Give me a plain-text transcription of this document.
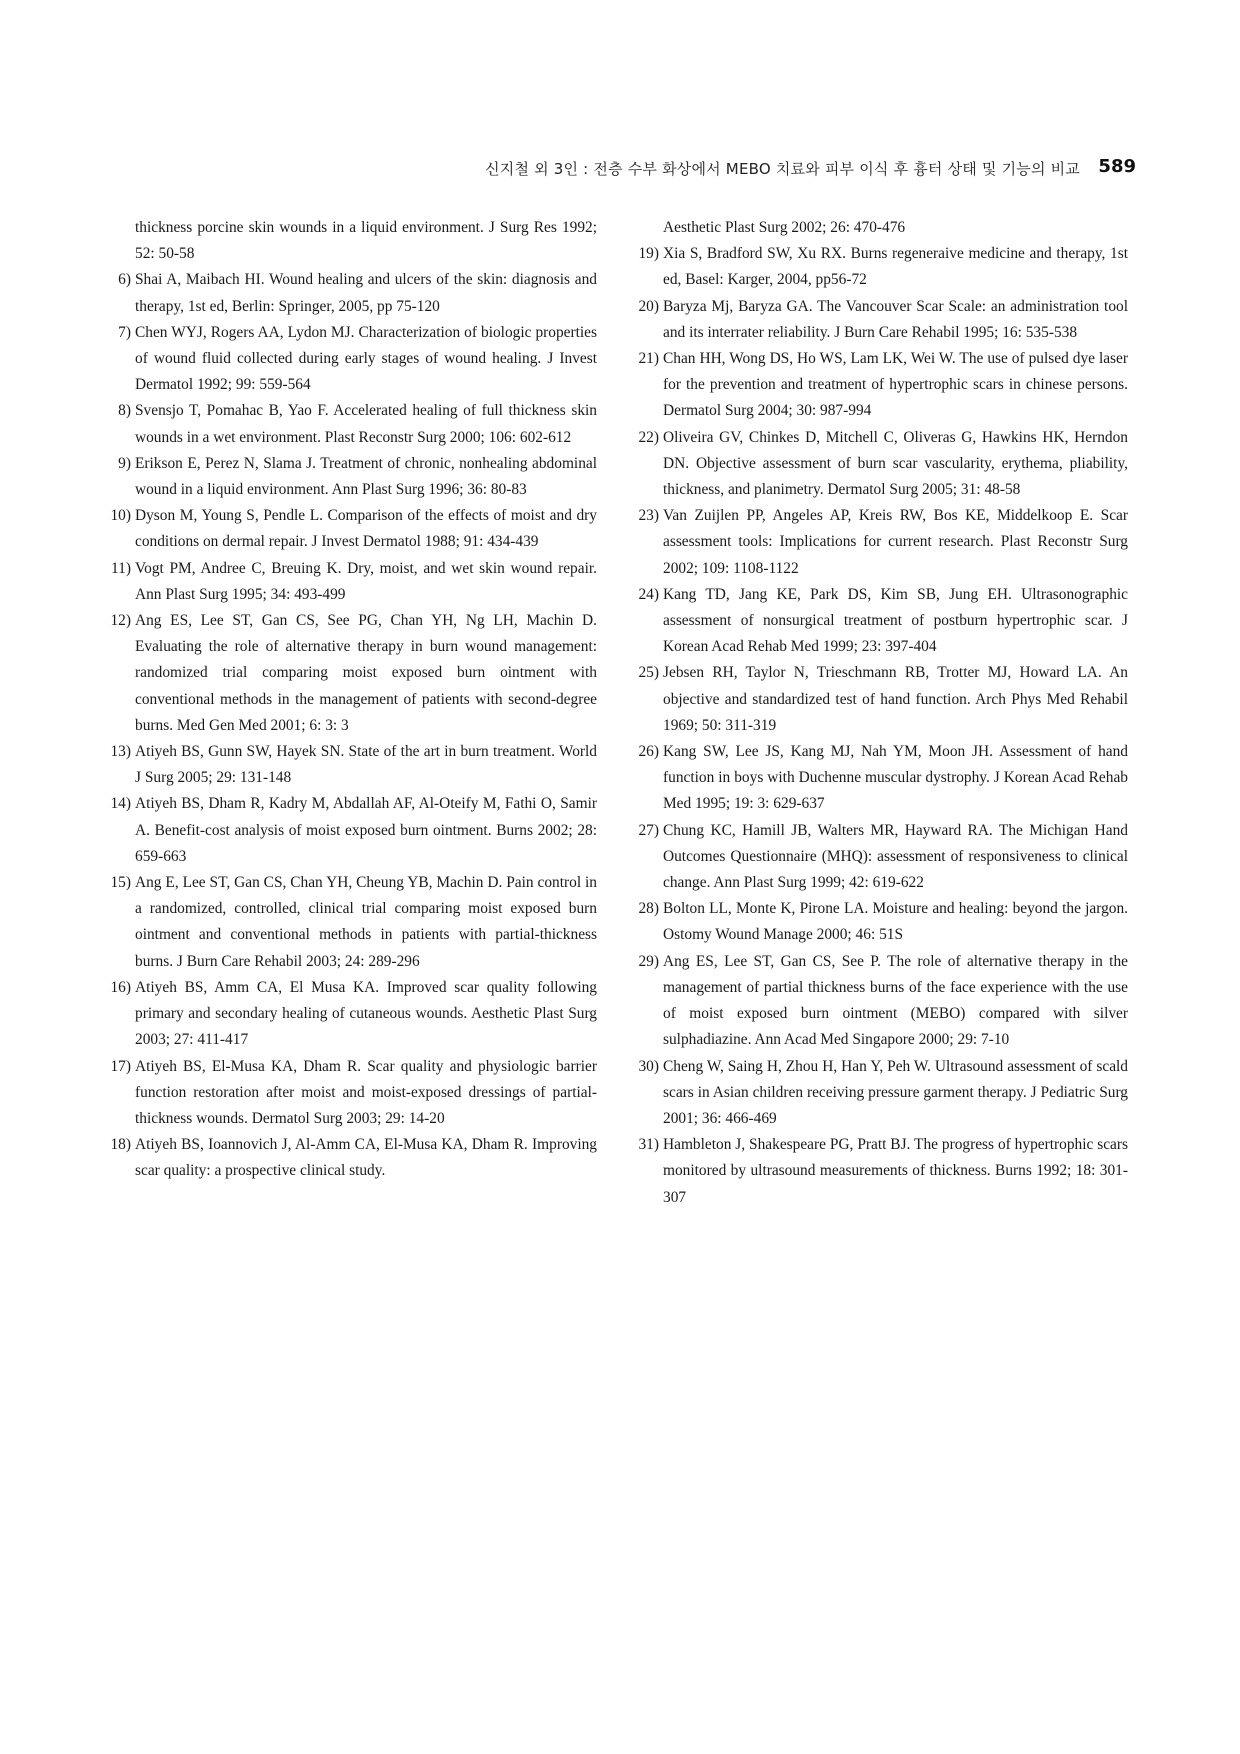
신지철 외 3인 : 전층 수부 화상에서 MEBO 치료와 피부 이식 후 흉터 상태 및 기능의 비교 589
thickness porcine skin wounds in a liquid environment. J Surg Res 1992; 52: 50-58
6) Shai A, Maibach HI. Wound healing and ulcers of the skin: diagnosis and therapy, 1st ed, Berlin: Springer, 2005, pp 75-120
7) Chen WYJ, Rogers AA, Lydon MJ. Characterization of biologic properties of wound fluid collected during early stages of wound healing. J Invest Dermatol 1992; 99: 559-564
8) Svensjo T, Pomahac B, Yao F. Accelerated healing of full thickness skin wounds in a wet environment. Plast Reconstr Surg 2000; 106: 602-612
9) Erikson E, Perez N, Slama J. Treatment of chronic, nonhealing abdominal wound in a liquid environment. Ann Plast Surg 1996; 36: 80-83
10) Dyson M, Young S, Pendle L. Comparison of the effects of moist and dry conditions on dermal repair. J Invest Dermatol 1988; 91: 434-439
11) Vogt PM, Andree C, Breuing K. Dry, moist, and wet skin wound repair. Ann Plast Surg 1995; 34: 493-499
12) Ang ES, Lee ST, Gan CS, See PG, Chan YH, Ng LH, Machin D. Evaluating the role of alternative therapy in burn wound management: randomized trial comparing moist exposed burn ointment with conventional methods in the management of patients with second-degree burns. Med Gen Med 2001; 6: 3: 3
13) Atiyeh BS, Gunn SW, Hayek SN. State of the art in burn treatment. World J Surg 2005; 29: 131-148
14) Atiyeh BS, Dham R, Kadry M, Abdallah AF, Al-Oteify M, Fathi O, Samir A. Benefit-cost analysis of moist exposed burn ointment. Burns 2002; 28: 659-663
15) Ang E, Lee ST, Gan CS, Chan YH, Cheung YB, Machin D. Pain control in a randomized, controlled, clinical trial comparing moist exposed burn ointment and conventional methods in patients with partial-thickness burns. J Burn Care Rehabil 2003; 24: 289-296
16) Atiyeh BS, Amm CA, El Musa KA. Improved scar quality following primary and secondary healing of cutaneous wounds. Aesthetic Plast Surg 2003; 27: 411-417
17) Atiyeh BS, El-Musa KA, Dham R. Scar quality and physiologic barrier function restoration after moist and moist-exposed dressings of partial-thickness wounds. Dermatol Surg 2003; 29: 14-20
18) Atiyeh BS, Ioannovich J, Al-Amm CA, El-Musa KA, Dham R. Improving scar quality: a prospective clinical study.
Aesthetic Plast Surg 2002; 26: 470-476
19) Xia S, Bradford SW, Xu RX. Burns regeneraive medicine and therapy, 1st ed, Basel: Karger, 2004, pp56-72
20) Baryza Mj, Baryza GA. The Vancouver Scar Scale: an administration tool and its interrater reliability. J Burn Care Rehabil 1995; 16: 535-538
21) Chan HH, Wong DS, Ho WS, Lam LK, Wei W. The use of pulsed dye laser for the prevention and treatment of hypertrophic scars in chinese persons. Dermatol Surg 2004; 30: 987-994
22) Oliveira GV, Chinkes D, Mitchell C, Oliveras G, Hawkins HK, Herndon DN. Objective assessment of burn scar vascularity, erythema, pliability, thickness, and planimetry. Dermatol Surg 2005; 31: 48-58
23) Van Zuijlen PP, Angeles AP, Kreis RW, Bos KE, Middelkoop E. Scar assessment tools: Implications for current research. Plast Reconstr Surg 2002; 109: 1108-1122
24) Kang TD, Jang KE, Park DS, Kim SB, Jung EH. Ultrasonographic assessment of nonsurgical treatment of postburn hypertrophic scar. J Korean Acad Rehab Med 1999; 23: 397-404
25) Jebsen RH, Taylor N, Trieschmann RB, Trotter MJ, Howard LA. An objective and standardized test of hand function. Arch Phys Med Rehabil 1969; 50: 311-319
26) Kang SW, Lee JS, Kang MJ, Nah YM, Moon JH. Assessment of hand function in boys with Duchenne muscular dystrophy. J Korean Acad Rehab Med 1995; 19: 3: 629-637
27) Chung KC, Hamill JB, Walters MR, Hayward RA. The Michigan Hand Outcomes Questionnaire (MHQ): assessment of responsiveness to clinical change. Ann Plast Surg 1999; 42: 619-622
28) Bolton LL, Monte K, Pirone LA. Moisture and healing: beyond the jargon. Ostomy Wound Manage 2000; 46: 51S
29) Ang ES, Lee ST, Gan CS, See P. The role of alternative therapy in the management of partial thickness burns of the face experience with the use of moist exposed burn ointment (MEBO) compared with silver sulphadiazine. Ann Acad Med Singapore 2000; 29: 7-10
30) Cheng W, Saing H, Zhou H, Han Y, Peh W. Ultrasound assessment of scald scars in Asian children receiving pressure garment therapy. J Pediatric Surg 2001; 36: 466-469
31) Hambleton J, Shakespeare PG, Pratt BJ. The progress of hypertrophic scars monitored by ultrasound measurements of thickness. Burns 1992; 18: 301-307
